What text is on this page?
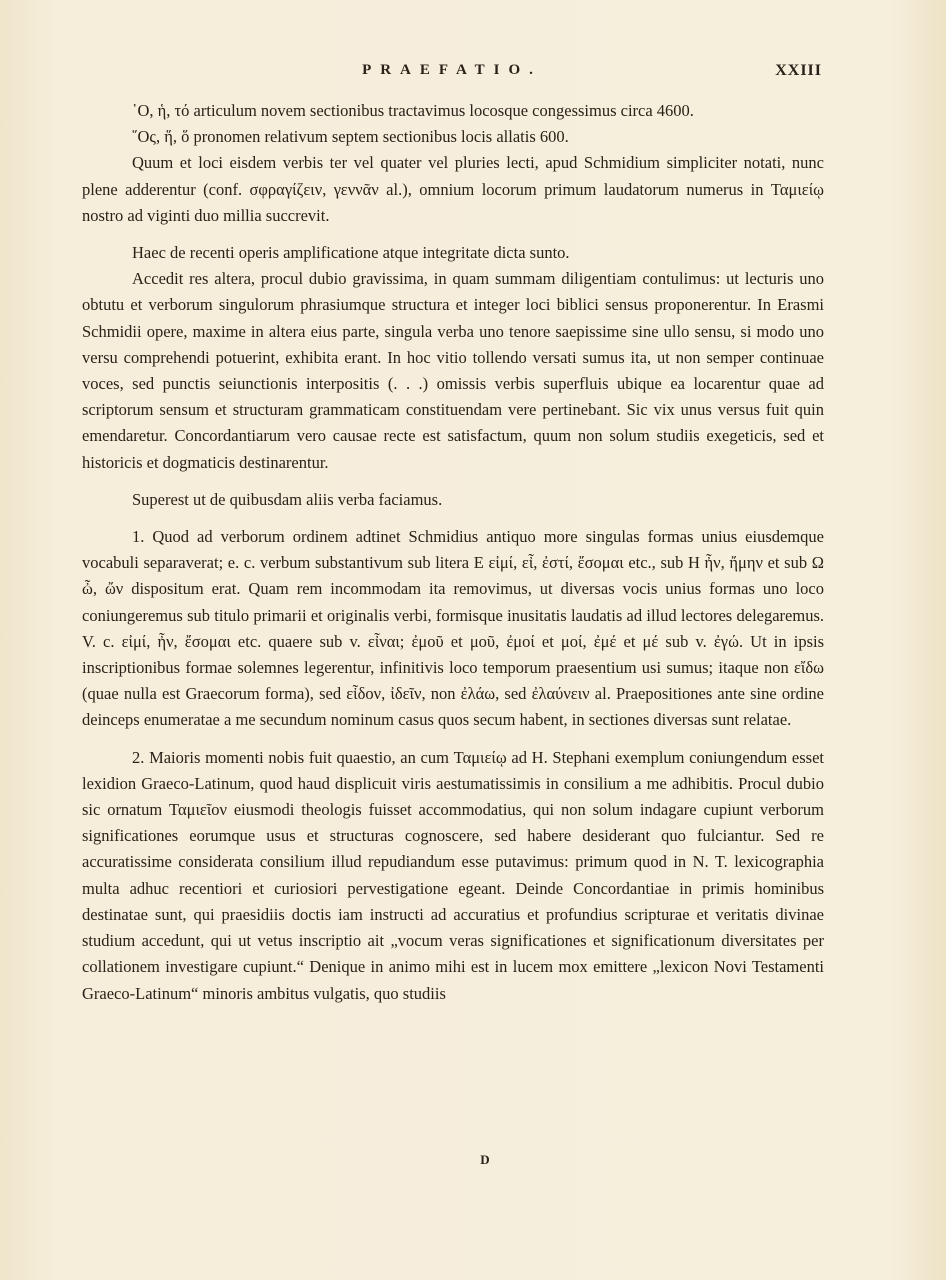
PRAEFATIO.	XXIII

῾Ο, ἡ, τό articulum novem sectionibus tractavimus locosque congessimus circa 4600.

῞Ος, ἥ, ὅ pronomen relativum septem sectionibus locis allatis 600.

Quum et loci eisdem verbis ter vel quater vel pluries lecti, apud Schmidium simpliciter notati, nunc plene adderentur (conf. σφραγίζειν, γεννᾶν al.), omnium locorum primum laudatorum numerus in Ταμιείῳ nostro ad viginti duo millia succrevit.

Haec de recenti operis amplificatione atque integritate dicta sunto.

Accedit res altera, procul dubio gravissima, in quam summam diligentiam contulimus: ut lecturis uno obtutu et verborum singulorum phrasiumque structura et integer loci biblici sensus proponerentur. In Erasmi Schmidii opere, maxime in altera eius parte, singula verba uno tenore saepissime sine ullo sensu, si modo uno versu comprehendi potuerint, exhibita erant. In hoc vitio tollendo versati sumus ita, ut non semper continuae voces, sed punctis seiunctionis interpositis (. . .) omissis verbis superfluis ubique ea locarentur quae ad scriptorum sensum et structuram grammaticam constituendam vere pertinebant. Sic vix unus versus fuit quin emendaretur. Concordantiarum vero causae recte est satisfactum, quum non solum studiis exegeticis, sed et historicis et dogmaticis destinarentur.

Superest ut de quibusdam aliis verba faciamus.

1. Quod ad verborum ordinem adtinet Schmidius antiquo more singulas formas unius eiusdemque vocabuli separaverat; e. c. verbum substantivum sub litera E εἰμί, εἶ, ἐστί, ἔσομαι etc., sub H ἦν, ἤμην et sub Ω ὦ, ὤν dispositum erat. Quam rem incommodam ita removimus, ut diversas vocis unius formas uno loco coniungeremus sub titulo primarii et originalis verbi, formisque inusitatis laudatis ad illud lectores delegaremus. V. c. εἰμί, ἦν, ἔσομαι etc. quaere sub v. εἶναι; ἐμοῦ et μοῦ, ἐμοί et μοί, ἐμέ et μέ sub v. ἐγώ. Ut in ipsis inscriptionibus formae solemnes legerentur, infinitivis loco temporum praesentium usi sumus; itaque non εἴδω (quae nulla est Graecorum forma), sed εἶδον, ἰδεῖν, non ἐλάω, sed ἐλαύνειν al. Praepositiones ante sine ordine deinceps enumeratae a me secundum nominum casus quos secum habent, in sectiones diversas sunt relatae.

2. Maioris momenti nobis fuit quaestio, an cum Ταμιείῳ ad H. Stephani exemplum coniungendum esset lexidion Graeco-Latinum, quod haud displicuit viris aestumatissimis in consilium a me adhibitis. Procul dubio sic ornatum Ταμιεῖον eiusmodi theologis fuisset accommodatius, qui non solum indagare cupiunt verborum significationes eorumque usus et structuras cognoscere, sed habere desiderant quo fulciantur. Sed re accuratissime considerata consilium illud repudiandum esse putavimus: primum quod in N. T. lexicographia multa adhuc recentiori et curiosiori pervestigatione egeant. Deinde Concordantiae in primis hominibus destinatae sunt, qui praesidiis doctis iam instructi ad accuratius et profundius scripturae et veritatis divinae studium accedunt, qui ut vetus inscriptio ait „vocum veras significationes et significationum diversitates per collationem investigare cupiunt.“ Denique in animo mihi est in lucem mox emittere „lexicon Novi Testamenti Graeco-Latinum“ minoris ambitus vulgatis, quo studiis

D
